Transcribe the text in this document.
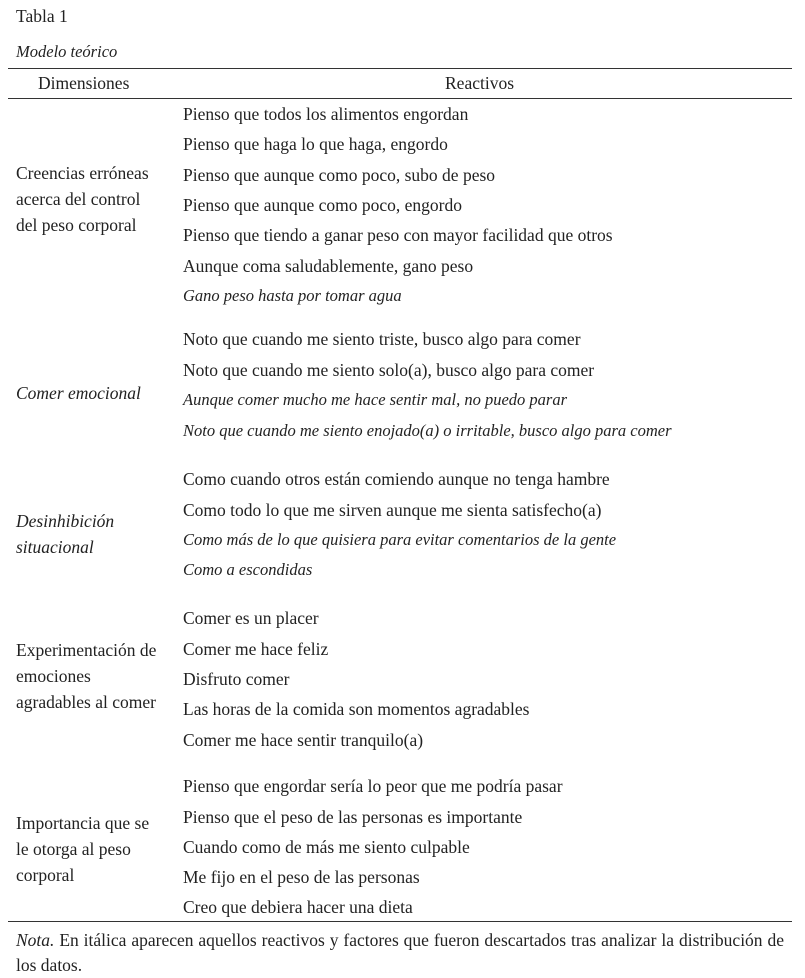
Tabla 1
Modelo teórico
Dimensiones	Reactivos
Creencias erróneas acerca del control del peso corporal
Pienso que todos los alimentos engordan
Pienso que haga lo que haga, engordo
Pienso que aunque como poco, subo de peso
Pienso que aunque como poco, engordo
Pienso que tiendo a ganar peso con mayor facilidad que otros
Aunque coma saludablemente, gano peso
Gano peso hasta por tomar agua
Comer emocional
Noto que cuando me siento triste, busco algo para comer
Noto que cuando me siento solo(a), busco algo para comer
Aunque comer mucho me hace sentir mal, no puedo parar
Noto que cuando me siento enojado(a) o irritable, busco algo para comer
Desinhibición situacional
Como cuando otros están comiendo aunque no tenga hambre
Como todo lo que me sirven aunque me sienta satisfecho(a)
Como más de lo que quisiera para evitar comentarios de la gente
Como a escondidas
Experimentación de emociones agradables al comer
Comer es un placer
Comer me hace feliz
Disfruto comer
Las horas de la comida son momentos agradables
Comer me hace sentir tranquilo(a)
Importancia que se le otorga al peso corporal
Pienso que engordar sería lo peor que me podría pasar
Pienso que el peso de las personas es importante
Cuando como de más me siento culpable
Me fijo en el peso de las personas
Creo que debiera hacer una dieta
Nota. En itálica aparecen aquellos reactivos y factores que fueron descartados tras analizar la distribución de los datos.
